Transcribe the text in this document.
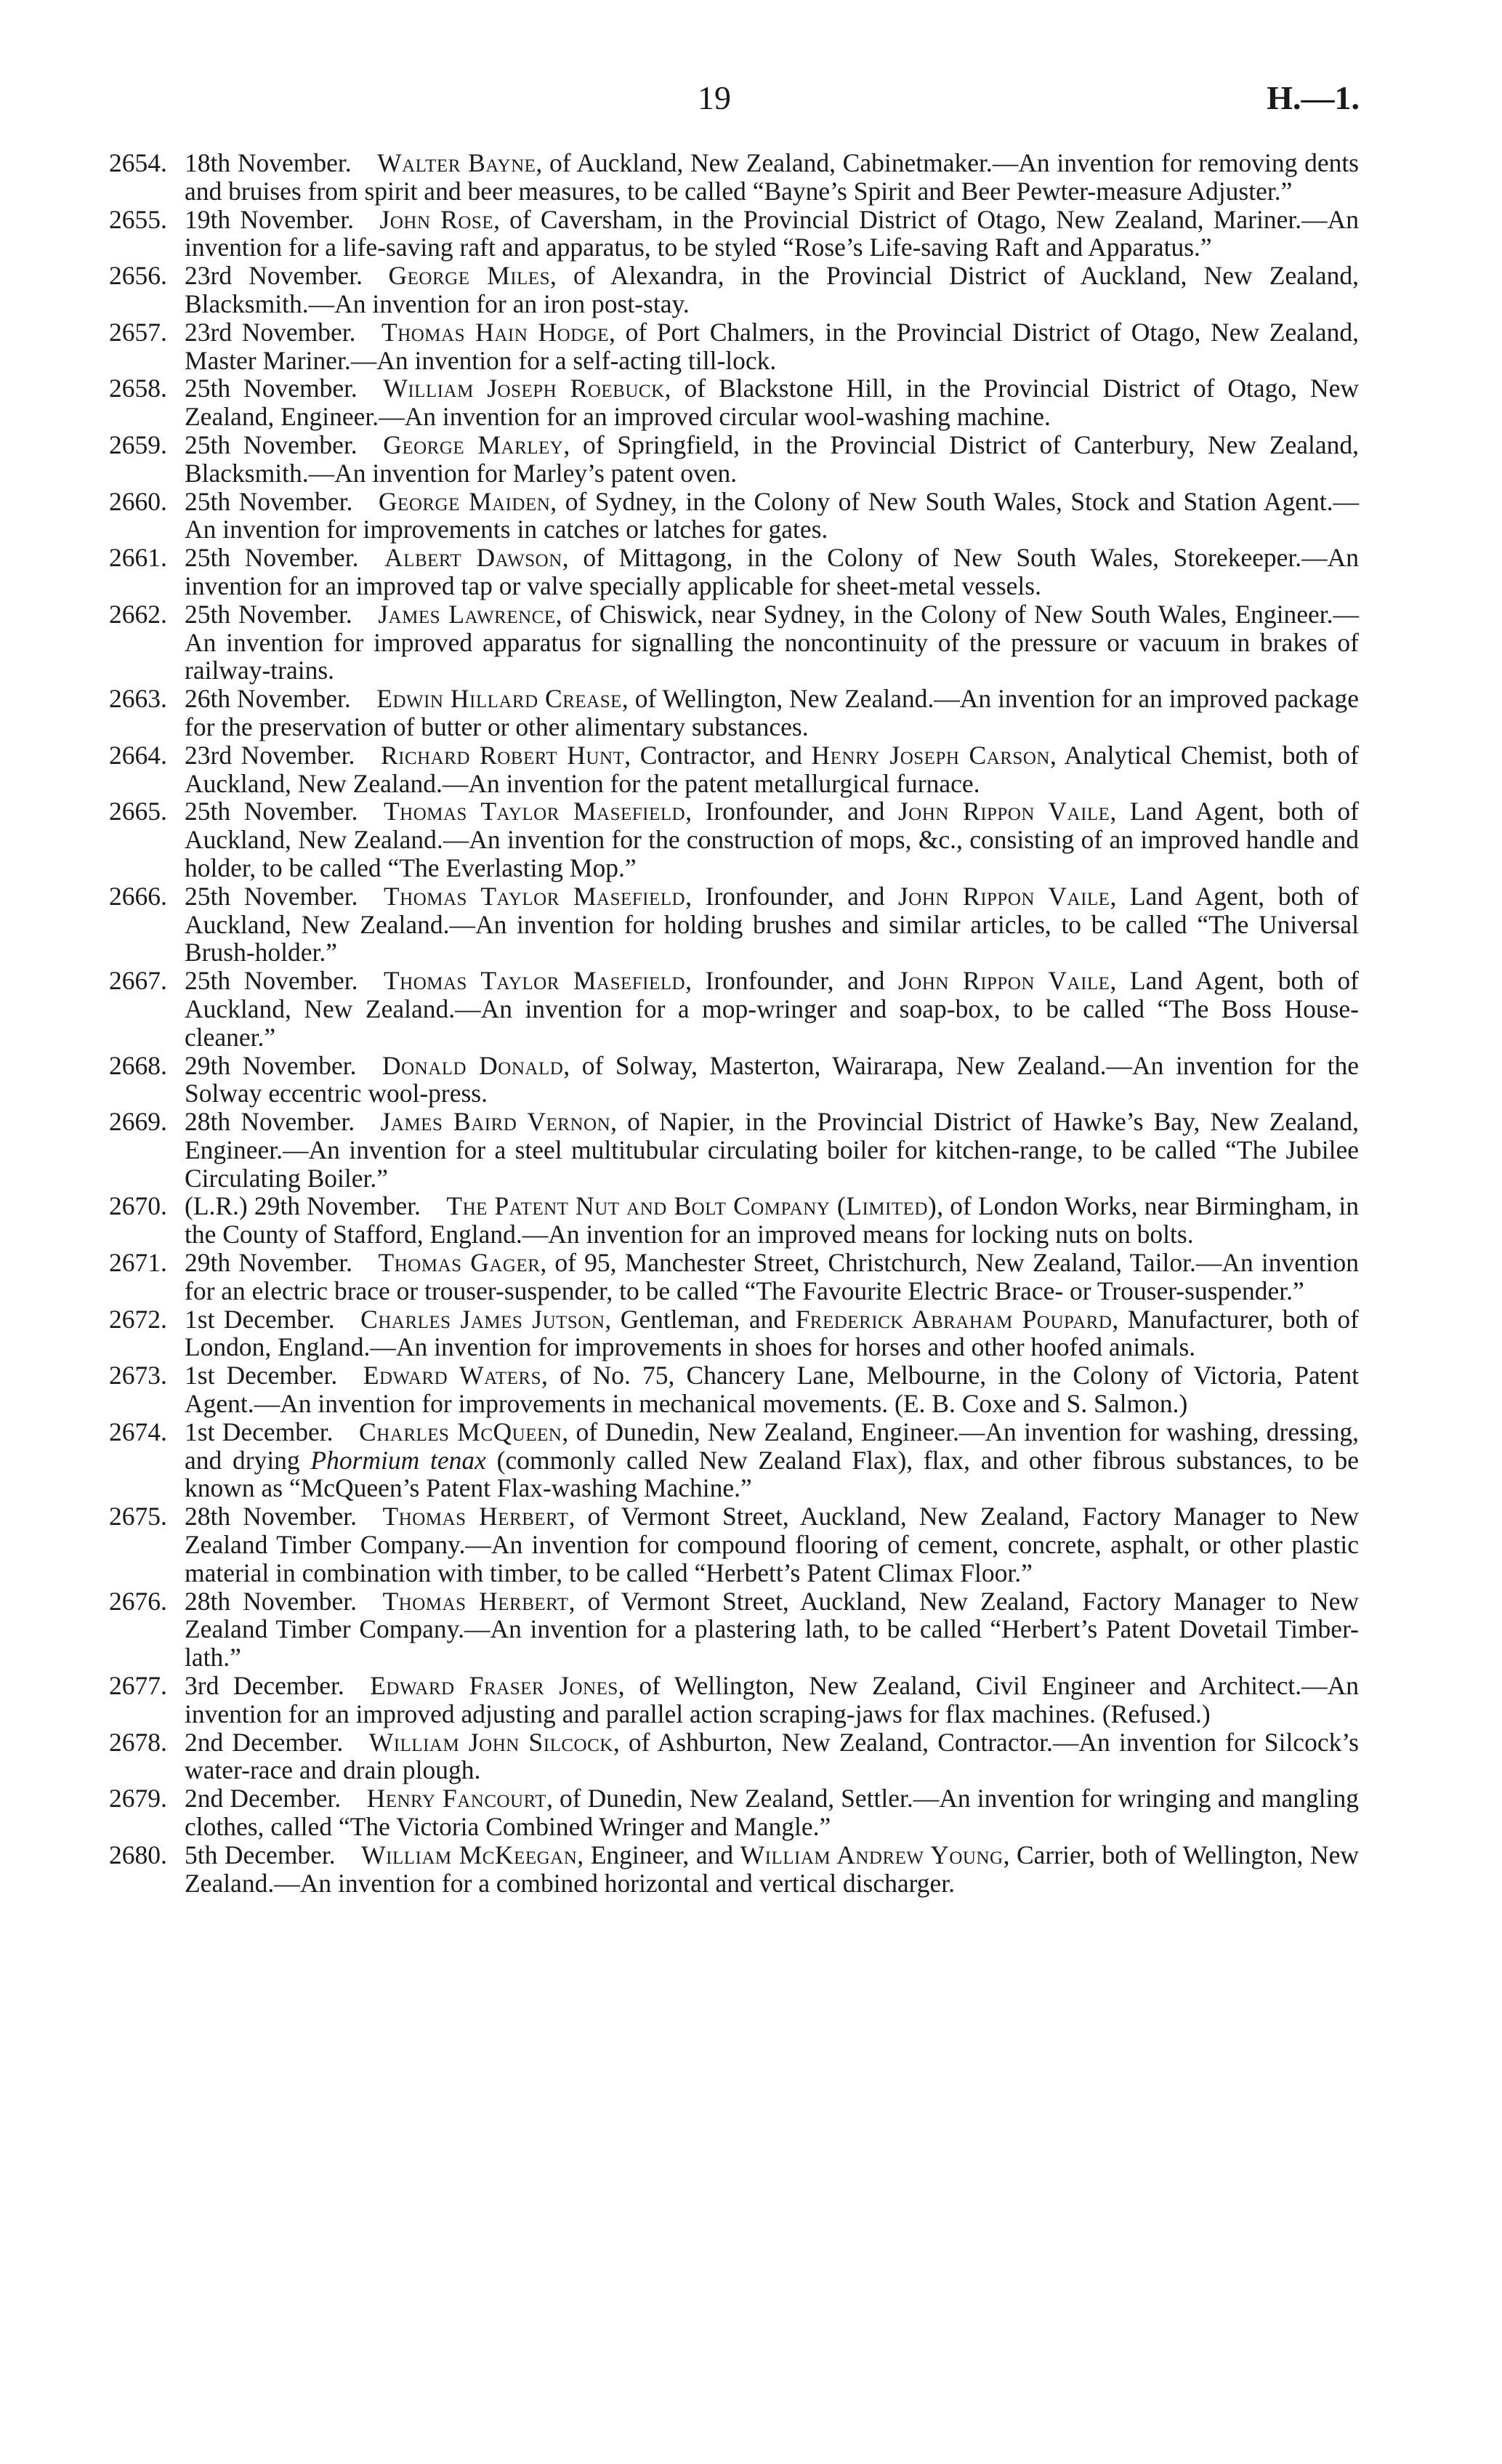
19	H.—1.
2654. 18th November.  Walter Bayne, of Auckland, New Zealand, Cabinetmaker.—An invention for removing dents and bruises from spirit and beer measures, to be called “Bayne’s Spirit and Beer Pewter-measure Adjuster.”
2655. 19th November.  John Rose, of Caversham, in the Provincial District of Otago, New Zealand, Mariner.—An invention for a life-saving raft and apparatus, to be styled “Rose’s Life-saving Raft and Apparatus.”
2656. 23rd November.  George Miles, of Alexandra, in the Provincial District of Auckland, New Zealand, Blacksmith.—An invention for an iron post-stay.
2657. 23rd November.  Thomas Hain Hodge, of Port Chalmers, in the Provincial District of Otago, New Zealand, Master Mariner.—An invention for a self-acting till-lock.
2658. 25th November.  William Joseph Roebuck, of Blackstone Hill, in the Provincial District of Otago, New Zealand, Engineer.—An invention for an improved circular wool-washing machine.
2659. 25th November.  George Marley, of Springfield, in the Provincial District of Canterbury, New Zealand, Blacksmith.—An invention for Marley’s patent oven.
2660. 25th November.  George Maiden, of Sydney, in the Colony of New South Wales, Stock and Station Agent.—An invention for improvements in catches or latches for gates.
2661. 25th November.  Albert Dawson, of Mittagong, in the Colony of New South Wales, Storekeeper.—An invention for an improved tap or valve specially applicable for sheet-metal vessels.
2662. 25th November.  James Lawrence, of Chiswick, near Sydney, in the Colony of New South Wales, Engineer.—An invention for improved apparatus for signalling the noncontinuity of the pressure or vacuum in brakes of railway-trains.
2663. 26th November.  Edwin Hillard Crease, of Wellington, New Zealand.—An invention for an improved package for the preservation of butter or other alimentary substances.
2664. 23rd November.  Richard Robert Hunt, Contractor, and Henry Joseph Carson, Analytical Chemist, both of Auckland, New Zealand.—An invention for the patent metallurgical furnace.
2665. 25th November.  Thomas Taylor Masefield, Ironfounder, and John Rippon Vaile, Land Agent, both of Auckland, New Zealand.—An invention for the construction of mops, &c., consisting of an improved handle and holder, to be called “The Everlasting Mop.”
2666. 25th November.  Thomas Taylor Masefield, Ironfounder, and John Rippon Vaile, Land Agent, both of Auckland, New Zealand.—An invention for holding brushes and similar articles, to be called “The Universal Brush-holder.”
2667. 25th November.  Thomas Taylor Masefield, Ironfounder, and John Rippon Vaile, Land Agent, both of Auckland, New Zealand.—An invention for a mop-wringer and soap-box, to be called “The Boss House-cleaner.”
2668. 29th November.  Donald Donald, of Solway, Masterton, Wairarapa, New Zealand.—An invention for the Solway eccentric wool-press.
2669. 28th November.  James Baird Vernon, of Napier, in the Provincial District of Hawke’s Bay, New Zealand, Engineer.—An invention for a steel multitubular circulating boiler for kitchen-range, to be called “The Jubilee Circulating Boiler.”
2670. (L.R.) 29th November.  The Patent Nut and Bolt Company (Limited), of London Works, near Birmingham, in the County of Stafford, England.—An invention for an improved means for locking nuts on bolts.
2671. 29th November.  Thomas Gager, of 95, Manchester Street, Christchurch, New Zealand, Tailor.—An invention for an electric brace or trouser-suspender, to be called “The Favourite Electric Brace- or Trouser-suspender.”
2672. 1st December.  Charles James Jutson, Gentleman, and Frederick Abraham Poupard, Manufacturer, both of London, England.—An invention for improvements in shoes for horses and other hoofed animals.
2673. 1st December.  Edward Waters, of No. 75, Chancery Lane, Melbourne, in the Colony of Victoria, Patent Agent.—An invention for improvements in mechanical movements. (E. B. Coxe and S. Salmon.)
2674. 1st December.  Charles McQueen, of Dunedin, New Zealand, Engineer.—An invention for washing, dressing, and drying Phormium tenax (commonly called New Zealand Flax), flax, and other fibrous substances, to be known as “McQueen’s Patent Flax-washing Machine.”
2675. 28th November.  Thomas Herbert, of Vermont Street, Auckland, New Zealand, Factory Manager to New Zealand Timber Company.—An invention for compound flooring of cement, concrete, asphalt, or other plastic material in combination with timber, to be called “Herbett’s Patent Climax Floor.”
2676. 28th November.  Thomas Herbert, of Vermont Street, Auckland, New Zealand, Factory Manager to New Zealand Timber Company.—An invention for a plastering lath, to be called “Herbert’s Patent Dovetail Timber-lath.”
2677. 3rd December.  Edward Fraser Jones, of Wellington, New Zealand, Civil Engineer and Architect.—An invention for an improved adjusting and parallel action scraping-jaws for flax machines. (Refused.)
2678. 2nd December.  William John Silcock, of Ashburton, New Zealand, Contractor.—An invention for Silcock’s water-race and drain plough.
2679. 2nd December.  Henry Fancourt, of Dunedin, New Zealand, Settler.—An invention for wringing and mangling clothes, called “The Victoria Combined Wringer and Mangle.”
2680. 5th December.  William McKeegan, Engineer, and William Andrew Young, Carrier, both of Wellington, New Zealand.—An invention for a combined horizontal and vertical discharger.
